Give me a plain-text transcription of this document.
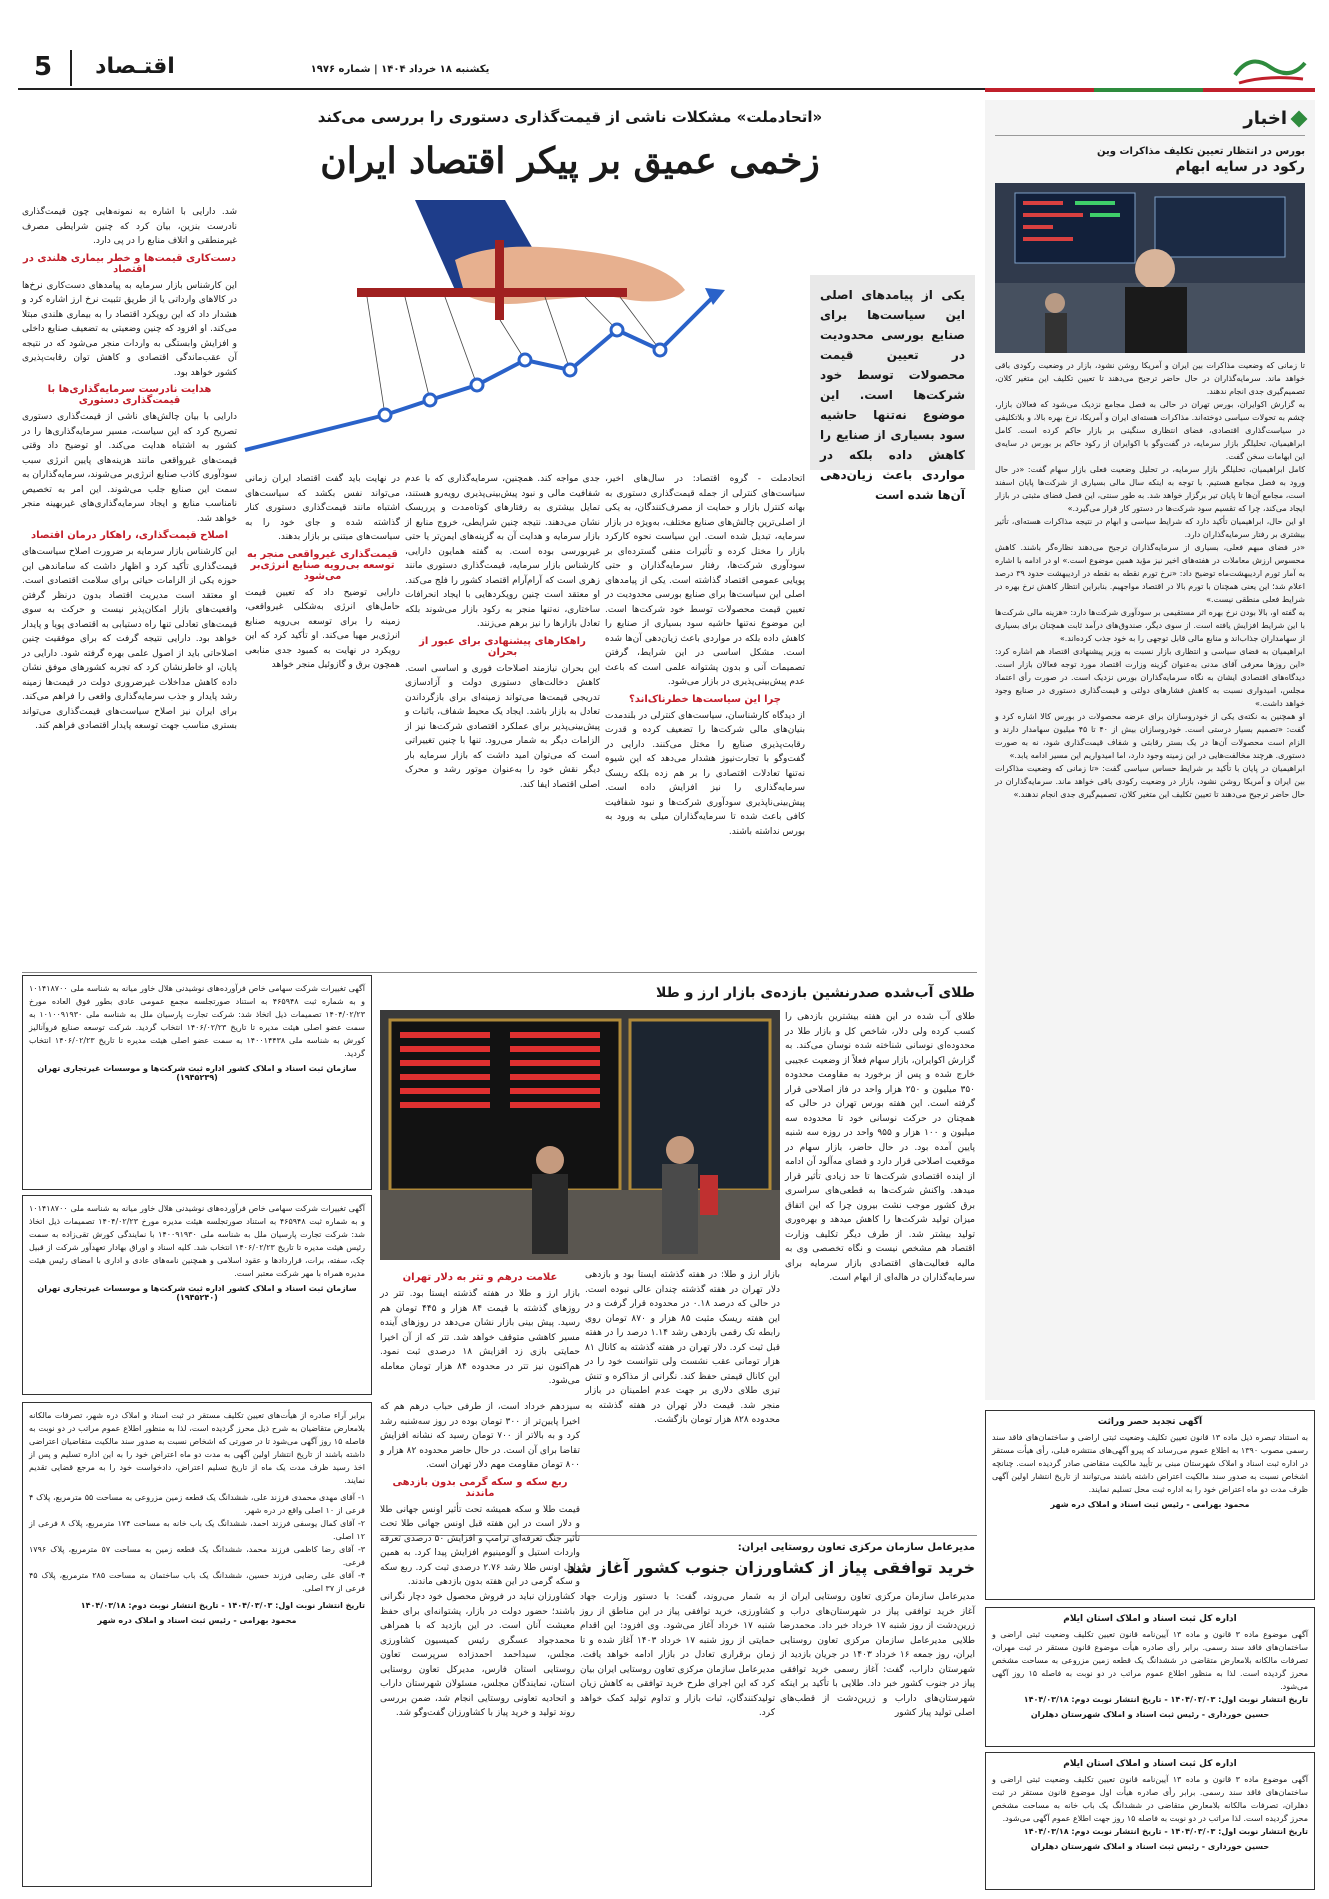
5	اقتـصاد	یکشنبه ۱۸ خرداد ۱۴۰۴ | شماره ۱۹۷۶
اخبار
بورس در انتظار تعیین تکلیف مذاکرات وین
رکود در سایه ابهام

تا زمانی که وضعیت مذاکرات بین ایران و آمریکا روشن نشود، بازار در وضعیت رکودی باقی خواهد ماند. سرمایه‌گذاران در حال حاضر ترجیح می‌دهند تا تعیین تکلیف این متغیر کلان، تصمیم‌گیری جدی انجام ندهند.

به گزارش اکوایران، بورس تهران در حالی به فصل مجامع نزدیک می‌شود که فعالان بازار، چشم به تحولات سیاسی دوخته‌اند. مذاکرات هسته‌ای ایران و آمریکا، نرخ بهره بالا، و بلاتکلیفی در سیاست‌گذاری اقتصادی، فضای انتظاری سنگینی بر بازار حاکم کرده است. کامل ابراهیمیان، تحلیلگر بازار سرمایه، در گفت‌وگو با اکوایران از رکود حاکم بر بورس در سایه‌ی این ابهامات سخن گفت.

کامل ابراهیمیان، تحلیلگر بازار سرمایه، در تحلیل وضعیت فعلی بازار سهام گفت: «در حال ورود به فصل مجامع هستیم. با توجه به اینکه سال مالی بسیاری از شرکت‌ها پایان اسفند است، مجامع آن‌ها تا پایان تیر برگزار خواهد شد. به طور سنتی، این فصل فضای مثبتی در بازار ایجاد می‌کند، چرا که تقسیم سود شرکت‌ها در دستور کار قرار می‌گیرد.»

او این حال، ابراهیمیان تأکید دارد که شرایط سیاسی و ابهام در نتیجه مذاکرات هسته‌ای، تأثیر بیشتری بر رفتار سرمایه‌گذاران دارد.

«در فضای مبهم فعلی، بسیاری از سرمایه‌گذاران ترجیح می‌دهند نظاره‌گر باشند. کاهش محسوس ارزش معاملات در هفته‌های اخیر نیز مؤید همین موضوع است.» او در ادامه با اشاره به آمار تورم اردیبهشت‌ماه توضیح داد: «نرخ تورم نقطه به نقطه در اردیبهشت حدود ۳۹ درصد اعلام شد؛ این یعنی همچنان با تورم بالا در اقتصاد مواجهیم. بنابراین انتظار کاهش نرخ بهره در شرایط فعلی منطقی نیست.»

به گفته او، بالا بودن نرخ بهره اثر مستقیمی بر سودآوری شرکت‌ها دارد: «هزینه مالی شرکت‌ها با این شرایط افزایش یافته است. از سوی دیگر، صندوق‌های درآمد ثابت همچنان برای بسیاری از سهامداران جذاب‌اند و منابع مالی قابل توجهی را به خود جذب کرده‌اند.»

ابراهیمیان به فضای سیاسی و انتظاری بازار نسبت به وزیر پیشنهادی اقتصاد هم اشاره کرد: «این روزها معرفی آقای مدنی به‌عنوان گزینه وزارت اقتصاد مورد توجه فعالان بازار است. دیدگاه‌های اقتصادی ایشان به نگاه سرمایه‌گذاران بورس نزدیک است. در صورت رأی اعتماد مجلس، امیدواری نسبت به کاهش فشارهای دولتی و قیمت‌گذاری دستوری در صنایع وجود خواهد داشت.»

او همچنین به نکته‌ی یکی از خودروسازان برای عرضه محصولات در بورس کالا اشاره کرد و گفت: «تصمیم بسیار درستی است. خودروسازان بیش از ۴۰ تا ۴۵ میلیون سهامدار دارند و الزام است محصولات آن‌ها در یک بستر رقابتی و شفاف قیمت‌گذاری شود، نه به صورت دستوری. هرچند مخالفت‌هایی در این زمینه وجود دارد، اما امیدواریم این مسیر ادامه یابد.»

ابراهیمیان در پایان با تأکید بر شرایط حساس سیاسی گفت: «تا زمانی که وضعیت مذاکرات بین ایران و آمریکا روشن نشود، بازار در وضعیت رکودی باقی خواهد ماند. سرمایه‌گذاران در حال حاضر ترجیح می‌دهند تا تعیین تکلیف این متغیر کلان، تصمیم‌گیری جدی انجام ندهند.»

«اتحادملت» مشکلات ناشی از قیمت‌گذاری دستوری را بررسی می‌کند
زخمی عمیق بر پیکر اقتصاد ایران
یکی از پیامدهای اصلی این سیاست‌ها برای صنایع بورسی محدودیت در تعیین قیمت محصولات توسط خود شرکت‌ها است. این موضوع نه‌تنها حاشیه سود بسیاری از صنایع را کاهش داده بلکه در مواردی باعث زیان‌دهی آن‌ها شده است

شد. دارایی با اشاره به نمونه‌هایی چون قیمت‌گذاری نادرست بنزین، بیان کرد که چنین شرایطی مصرف غیرمنطقی و اتلاف منابع را در پی دارد.

دست‌کاری قیمت‌ها و خطر بیماری هلندی در اقتصاد

این کارشناس بازار سرمایه به پیامدهای دست‌کاری نرخ‌ها در کالاهای وارداتی یا از طریق تثبیت نرخ ارز اشاره کرد و هشدار داد که این رویکرد اقتصاد را به بیماری هلندی مبتلا می‌کند. او افزود که چنین وضعیتی به تضعیف صنایع داخلی و افزایش وابستگی به واردات منجر می‌شود که در نتیجه آن عقب‌ماندگی اقتصادی و کاهش توان رقابت‌پذیری کشور خواهد بود.

هدایت نادرست سرمایه‌گذاری‌ها با قیمت‌گذاری دستوری

دارایی با بیان چالش‌های ناشی از قیمت‌گذاری دستوری تصریح کرد که این سیاست، مسیر سرمایه‌گذاری‌ها را در کشور به اشتباه هدایت می‌کند. او توضیح داد وقتی قیمت‌های غیرواقعی مانند هزینه‌های پایین انرژی سبب سودآوری کاذب صنایع انرژی‌بر می‌شوند، سرمایه‌گذاران به سمت این صنایع جلب می‌شوند. این امر به تخصیص نامناسب منابع و ایجاد سرمایه‌گذاری‌های غیربهینه منجر خواهد شد.

اصلاح قیمت‌گذاری، راهکار درمان اقتصاد

این کارشناس بازار سرمایه بر ضرورت اصلاح سیاست‌های قیمت‌گذاری تأکید کرد و اظهار داشت که ساماندهی این حوزه یکی از الزامات حیاتی برای سلامت اقتصادی است. او معتقد است مدیریت اقتصاد بدون درنظر گرفتن واقعیت‌های بازار امکان‌پذیر نیست و حرکت به سوی قیمت‌های تعادلی تنها راه دستیابی به اقتصادی پویا و پایدار خواهد بود. دارایی نتیجه گرفت که برای موفقیت چنین اصلاحاتی باید از اصول علمی بهره گرفته شود. دارایی در پایان، او خاطرنشان کرد که تجربه کشورهای موفق نشان داده کاهش مداخلات غیرضروری دولت در قیمت‌ها زمینه رشد پایدار و جذب سرمایه‌گذاری واقعی را فراهم می‌کند. برای ایران نیز اصلاح سیاست‌های قیمت‌گذاری می‌تواند بستری مناسب جهت توسعه پایدار اقتصادی فراهم کند.

اتحادملت - گروه اقتصاد: در سال‌های اخیر، سیاست‌های کنترلی از جمله قیمت‌گذاری دستوری به بهانه کنترل بازار و حمایت از مصرف‌کنندگان، به یکی از اصلی‌ترین چالش‌های صنایع مختلف، به‌ویژه در بازار سرمایه، تبدیل شده است. این سیاست نحوه کارکرد بازار را مختل کرده و تأثیرات منفی گسترده‌ای بر سودآوری شرکت‌ها، رفتار سرمایه‌گذاران و حتی پویایی عمومی اقتصاد گذاشته است. یکی از پیامدهای اصلی این سیاست‌ها برای صنایع بورسی محدودیت در تعیین قیمت محصولات توسط خود شرکت‌ها است. این موضوع نه‌تنها حاشیه سود بسیاری از صنایع را کاهش داده بلکه در مواردی باعث زیان‌دهی آن‌ها شده است. مشکل اساسی در این شرایط، گرفتن تصمیمات آنی و بدون پشتوانه علمی است که باعث عدم پیش‌بینی‌پذیری در بازار می‌شود.

چرا این سیاست‌ها خطرناک‌اند؟

از دیدگاه کارشناسان، سیاست‌های کنترلی در بلندمدت بنیان‌های مالی شرکت‌ها را تضعیف کرده و قدرت رقابت‌پذیری صنایع را مختل می‌کنند. دارایی در گفت‌وگو با تجارت‌نیوز هشدار می‌دهد که این شیوه نه‌تنها تعادلات اقتصادی را بر هم زده بلکه ریسک سرمایه‌گذاری را نیز افزایش داده است. پیش‌بینی‌ناپذیری سودآوری شرکت‌ها و نبود شفافیت کافی باعث شده تا سرمایه‌گذاران میلی به ورود به بورس نداشته باشند.

جدی مواجه کند. همچنین، سرمایه‌گذاری که با عدم شفافیت مالی و نبود پیش‌بینی‌پذیری رویه‌رو هستند، تمایل بیشتری به رفتارهای کوتاه‌مدت و پرریسک نشان می‌دهند. نتیجه چنین شرایطی، خروج منابع از بازار سرمایه و هدایت آن به گزینه‌های ایمن‌تر یا حتی غیربورسی بوده است. به گفته همایون دارایی، کارشناس بازار سرمایه، قیمت‌گذاری دستوری مانند زهری است که آرام‌آرام اقتصاد کشور را فلج می‌کند. او معتقد است چنین رویکردهایی با ایجاد انحرافات ساختاری، نه‌تنها منجر به رکود بازار می‌شوند بلکه تعادل بازارها را نیز برهم می‌زنند.

راهکارهای پیشنهادی برای عبور از بحران

این بحران نیازمند اصلاحات فوری و اساسی است. کاهش دخالت‌های دستوری دولت و آزادسازی تدریجی قیمت‌ها می‌تواند زمینه‌ای برای بازگرداندن تعادل به بازار باشد. ایجاد یک محیط شفاف، باثبات و پیش‌بینی‌پذیر برای عملکرد اقتصادی شرکت‌ها نیز از الزامات دیگر به شمار می‌رود. تنها با چنین تغییراتی است که می‌توان امید داشت که بازار سرمایه بار دیگر نقش خود را به‌عنوان موتور رشد و محرک اصلی اقتصاد ایفا کند.

در نهایت باید گفت اقتصاد ایران زمانی می‌تواند نفس بکشد که سیاست‌های اشتباه مانند قیمت‌گذاری دستوری کنار گذاشته شده و جای خود را به سیاست‌های مبتنی بر بازار بدهند.

قیمت‌گذاری غیرواقعی منجر به توسعه بی‌رویه صنایع انرژی‌بر می‌شود

دارایی توضیح داد که تعیین قیمت حامل‌های انرژی به‌شکلی غیرواقعی، زمینه را برای توسعه بی‌رویه صنایع انرژی‌بر مهیا می‌کند. او تأکید کرد که این رویکرد در نهایت به کمبود جدی منابعی همچون برق و گازوئیل منجر خواهد

طلای آب‌شده صدرنشین بازده‌ی بازار ارز و طلا

طلای آب شده در این هفته بیشترین بازدهی را کسب کرده ولی دلار، شاخص کل و بازار طلا در محدوده‌ای نوسانی شناخته شده نوسان می‌کند. به گزارش اکوایران، بازار سهام فعلاً از وضعیت عجیبی خارج شده و پس از برخورد به مقاومت محدوده ۳۵۰ میلیون و ۲۵۰ هزار واحد در فاز اصلاحی قرار گرفته است. این هفته بورس تهران در حالی که همچنان در حرکت نوسانی خود تا محدوده سه میلیون و ۱۰۰ هزار و ۹۵۵ واحد در روزه سه شنبه پایین آمده بود. در حال حاضر، بازار سهام در موقعیت اصلاحی قرار دارد و فضای مه‌آلود آن ادامه از اینده اقتصادی شرکت‌ها تا حد زیادی تأثیر قرار میدهد. واکنش شرکت‌ها به قطعی‌های سراسری برق کشور موجب نشت بیرون چرا که این اتفاق میزان تولید شرکت‌ها را کاهش میدهد و بهره‌وری تولید بیشتر شد. از طرف دیگر تکلیف وزارت اقتصاد هم مشخص نیست و نگاه تخصصی وی به مالیه فعالیت‌های اقتصادی بازار سرمایه برای سرمایه‌گذاران در هاله‌ای از ابهام است.

بازار ارز و طلا: در هفته گذشته ایستا بود و بازدهی دلار تهران در هفته گذشته چندان عالی نبوده است. در حالی که درصد ۰.۱۸ در محدوده قرار گرفت و در این هفته ریسک مثبت ۸۵ هزار و ۸۷۰ تومان روی رابطه تک رقمی بازدهی رشد ۱.۱۴ درصد را در هفته قبل ثبت کرد. دلار تهران در هفته گذشته به کانال ۸۱ هزار تومانی عقب نشست ولی نتوانست خود را در این کانال قیمتی حفظ کند. نگرانی از مذاکره و تنش تیزی طلای دلاری بر جهت عدم اطمینان در بازار منجر شد. قیمت دلار تهران در هفته گذشته به محدوده ۸۲۸ هزار تومان بازگشت.

علامت درهم و تتر به دلار تهران

بازار ارز و طلا در هفته گذشته ایستا بود. تتر در روزهای گذشته با قیمت ۸۴ هزار و ۴۴۵ تومان هم رسید. پیش بینی بازار نشان می‌دهد در روزهای آینده مسیر کاهشی متوقف خواهد شد. تتر که از آن اخیرا حمایتی بازی زد افزایش ۱۸ درصدی ثبت نمود. هم‌اکنون نیز تتر در محدوده ۸۴ هزار تومان معامله می‌شود.

آگهی تغییرات شرکت سهامی خاص فرآورده‌های نوشیدنی هلال خاور میانه به شناسه ملی ۱۰۱۴۱۸۷۰۰ و به شماره ثبت ۴۶۵۹۴۸ به استناد صورتجلسه مجمع عمومی عادی بطور فوق العاده مورخ ۱۴۰۴/۰۲/۲۳ تصمیمات ذیل اتخاذ شد: شرکت تجارت پارسیان ملل به شناسه ملی ۱۰۱۰۰۹۱۹۳۰ به سمت عضو اصلی هیئت مدیره تا تاریخ ۱۴۰۶/۰۲/۲۳ انتخاب گردید. شرکت توسعه صنایع فروآنالیز کورش به شناسه ملی ۱۴۰۰۱۴۴۳۸ به سمت عضو اصلی هیئت مدیره تا تاریخ ۱۴۰۶/۰۲/۲۳ انتخاب گردید.

سازمان ثبت اسناد و املاک کشور اداره ثبت شرکت‌ها و موسسات غیرتجاری تهران (۱۹۴۵۲۳۹)

آگهی تغییرات شرکت سهامی خاص فرآورده‌های نوشیدنی هلال خاور میانه به شناسه ملی ۱۰۱۴۱۸۷۰۰ و به شماره ثبت ۴۶۵۹۴۸ به استناد صورتجلسه هیئت مدیره مورخ ۱۴۰۴/۰۲/۲۳ تصمیمات ذیل اتخاذ شد: شرکت تجارت پارسیان ملل به شناسه ملی ۱۴۰۰۹۱۹۳۰ با نمایندگی کورش تقی‌زاده به سمت رئیس هیئت مدیره تا تاریخ ۱۴۰۶/۰۲/۲۳ انتخاب شد. کلیه اسناد و اوراق بهادار تعهدآور شرکت از قبیل چک، سفته، برات، قراردادها و عقود اسلامی و همچنین نامه‌های عادی و اداری با امضای رئیس هیئت مدیره همراه با مهر شرکت معتبر است.

سازمان ثبت اسناد و املاک کشور اداره ثبت شرکت‌ها و موسسات غیرتجاری تهران (۱۹۴۵۲۴۰)

برابر آراء صادره از هیأت‌های تعیین تکلیف مستقر در ثبت اسناد و املاک دره شهر، تصرفات مالکانه بلامعارض متقاضیان به شرح ذیل محرز گردیده است، لذا به منظور اطلاع عموم مراتب در دو نوبت به فاصله ۱۵ روز آگهی می‌شود تا در صورتی که اشخاص نسبت به صدور سند مالکیت متقاضیان اعتراضی داشته باشند از تاریخ انتشار اولین آگهی به مدت دو ماه اعتراض خود را به این اداره تسلیم و پس از اخذ رسید ظرف مدت یک ماه از تاریخ تسلیم اعتراض، دادخواست خود را به مرجع قضایی تقدیم نمایند.

۱- آقای مهدی محمدی فرزند علی، ششدانگ یک قطعه زمین مزروعی به مساحت ۵۵ مترمربع، پلاک ۴ فرعی از ۱۰ اصلی واقع در دره شهر.
۲- آقای کمال یوسفی فرزند احمد، ششدانگ یک باب خانه به مساحت ۱۷۴ مترمربع، پلاک ۸ فرعی از ۱۲ اصلی.
۳- آقای رضا کاظمی فرزند محمد، ششدانگ یک قطعه زمین به مساحت ۵۷ مترمربع، پلاک ۱۷۹۶ فرعی.
۴- آقای علی رضایی فرزند حسین، ششدانگ یک باب ساختمان به مساحت ۲۸۵ مترمربع، پلاک ۴۵ فرعی از ۳۷ اصلی.

تاریخ انتشار نوبت اول: ۱۴۰۴/۰۳/۰۳ - تاریخ انتشار نوبت دوم: ۱۴۰۴/۰۳/۱۸
محمود بهرامی - رئیس ثبت اسناد و املاک دره شهر
مدیرعامل سازمان مرکزی تعاون روستایی ایران:
خرید توافقی پیاز از کشاورزان جنوب کشور آغاز شد

مدیرعامل سازمان مرکزی تعاون روستایی ایران از آغاز خرید توافقی پیاز در شهرستان‌های دراب و زرین‌دشت از روز شنبه ۱۷ خرداد خبر داد. محمدرضا طلایی مدیرعامل سازمان مرکزی تعاون روستایی ایران، روز جمعه ۱۶ خرداد ۱۴۰۳ در جریان بازدید از شهرستان داراب، گفت: آغاز رسمی خرید توافقی پیاز در جنوب کشور خبر داد. طلایی با تأکید بر اینکه شهرستان‌های داراب و زرین‌دشت از قطب‌های اصلی تولید پیاز کشور

به شمار می‌روند، گفت: با دستور وزارت جهاد کشاورزی، خرید توافقی پیاز در این مناطق از روز شنبه ۱۷ خرداد آغاز می‌شود. وی افزود: این اقدام حمایتی از روز شنبه ۱۷ خرداد ۱۴۰۳ آغاز شده و تا زمان برقراری تعادل در بازار ادامه خواهد یافت. مدیرعامل سازمان مرکزی تعاون روستایی ایران بیان کرد که این اجرای طرح خرید توافقی به کاهش زیان تولیدکنندگان، ثبات بازار و تداوم تولید کمک خواهد کرد.

کشاورزان نباید در فروش محصول خود دچار نگرانی باشند؛ حضور دولت در بازار، پشتوانه‌ای برای حفظ معیشت آنان است. در این بازدید که با همراهی محمدجواد عسگری رئیس کمیسیون کشاورزی مجلس، سیداحمد احمدزاده سرپرست تعاون روستایی استان فارس، مدیرکل تعاون روستایی استان، نمایندگان مجلس، مسئولان شهرستان داراب و اتحادیه تعاونی روستایی انجام شد، ضمن بررسی روند تولید و خرید پیاز با کشاورزان گفت‌وگو شد.

آگهی تجدید حصر وراثت

به استناد تبصره ذیل ماده ۱۳ قانون تعیین تکلیف وضعیت ثبتی اراضی و ساختمان‌های فاقد سند رسمی مصوب ۱۳۹۰ به اطلاع عموم می‌رساند که پیرو آگهی‌های منتشره قبلی، رأی هیأت مستقر در اداره ثبت اسناد و املاک شهرستان مبنی بر تأیید مالکیت متقاضی صادر گردیده است. چنانچه اشخاص نسبت به صدور سند مالکیت اعتراض داشته باشند می‌توانند از تاریخ انتشار اولین آگهی ظرف مدت دو ماه اعتراض خود را به اداره ثبت محل تسلیم نمایند.

محمود بهرامی - رئیس ثبت اسناد و املاک دره شهر
اداره کل ثبت اسناد و املاک استان ایلام

آگهی موضوع ماده ۳ قانون و ماده ۱۳ آیین‌نامه قانون تعیین تکلیف وضعیت ثبتی اراضی و ساختمان‌های فاقد سند رسمی. برابر رأی صادره هیأت موضوع قانون مستقر در ثبت مهران، تصرفات مالکانه بلامعارض متقاضی در ششدانگ یک قطعه زمین مزروعی به مساحت مشخص محرز گردیده است. لذا به منظور اطلاع عموم مراتب در دو نوبت به فاصله ۱۵ روز آگهی می‌شود.

تاریخ انتشار نوبت اول: ۱۴۰۴/۰۳/۰۳ - تاریخ انتشار نوبت دوم: ۱۴۰۴/۰۳/۱۸
حسین خورداری - رئیس ثبت اسناد و املاک شهرستان دهلران
اداره کل ثبت اسناد و املاک استان ایلام

آگهی موضوع ماده ۳ قانون و ماده ۱۳ آیین‌نامه قانون تعیین تکلیف وضعیت ثبتی اراضی و ساختمان‌های فاقد سند رسمی. برابر رأی صادره هیأت اول موضوع قانون مستقر در ثبت دهلران، تصرفات مالکانه بلامعارض متقاضی در ششدانگ یک باب خانه به مساحت مشخص محرز گردیده است. لذا مراتب در دو نوبت به فاصله ۱۵ روز جهت اطلاع عموم آگهی می‌شود.

تاریخ انتشار نوبت اول: ۱۴۰۴/۰۳/۰۳ - تاریخ انتشار نوبت دوم: ۱۴۰۴/۰۳/۱۸
حسین خورداری - رئیس ثبت اسناد و املاک شهرستان دهلران

سیزدهم خرداد است، از طرفی حباب درهم هم که اخیرا پایین‌تر از ۳۰۰ تومان بوده در روز سه‌شنبه رشد کرد و به بالاتر از ۷۰۰ تومان رسید که نشانه افزایش تقاضا برای آن است. در حال حاضر محدوده ۸۲ هزار و ۸۰۰ تومان مقاومت مهم دلار تهران است.

ربع سکه و سکه گرمی بدون بازدهی ماندند

قیمت طلا و سکه همیشه تحت تأثیر اونس جهانی طلا و دلار است در این هفته قبل اونس جهانی طلا تحت تأثیر جنگ تعرفه‌ای ترامپ و افزایش ۵۰ درصدی تعرفه واردات استیل و آلومینیوم افزایش پیدا کرد. به همین دلیل اونس طلا رشد ۲.۷۶ درصدی ثبت کرد. ربع سکه و سکه گرمی در این هفته بدون بازدهی ماندند.
